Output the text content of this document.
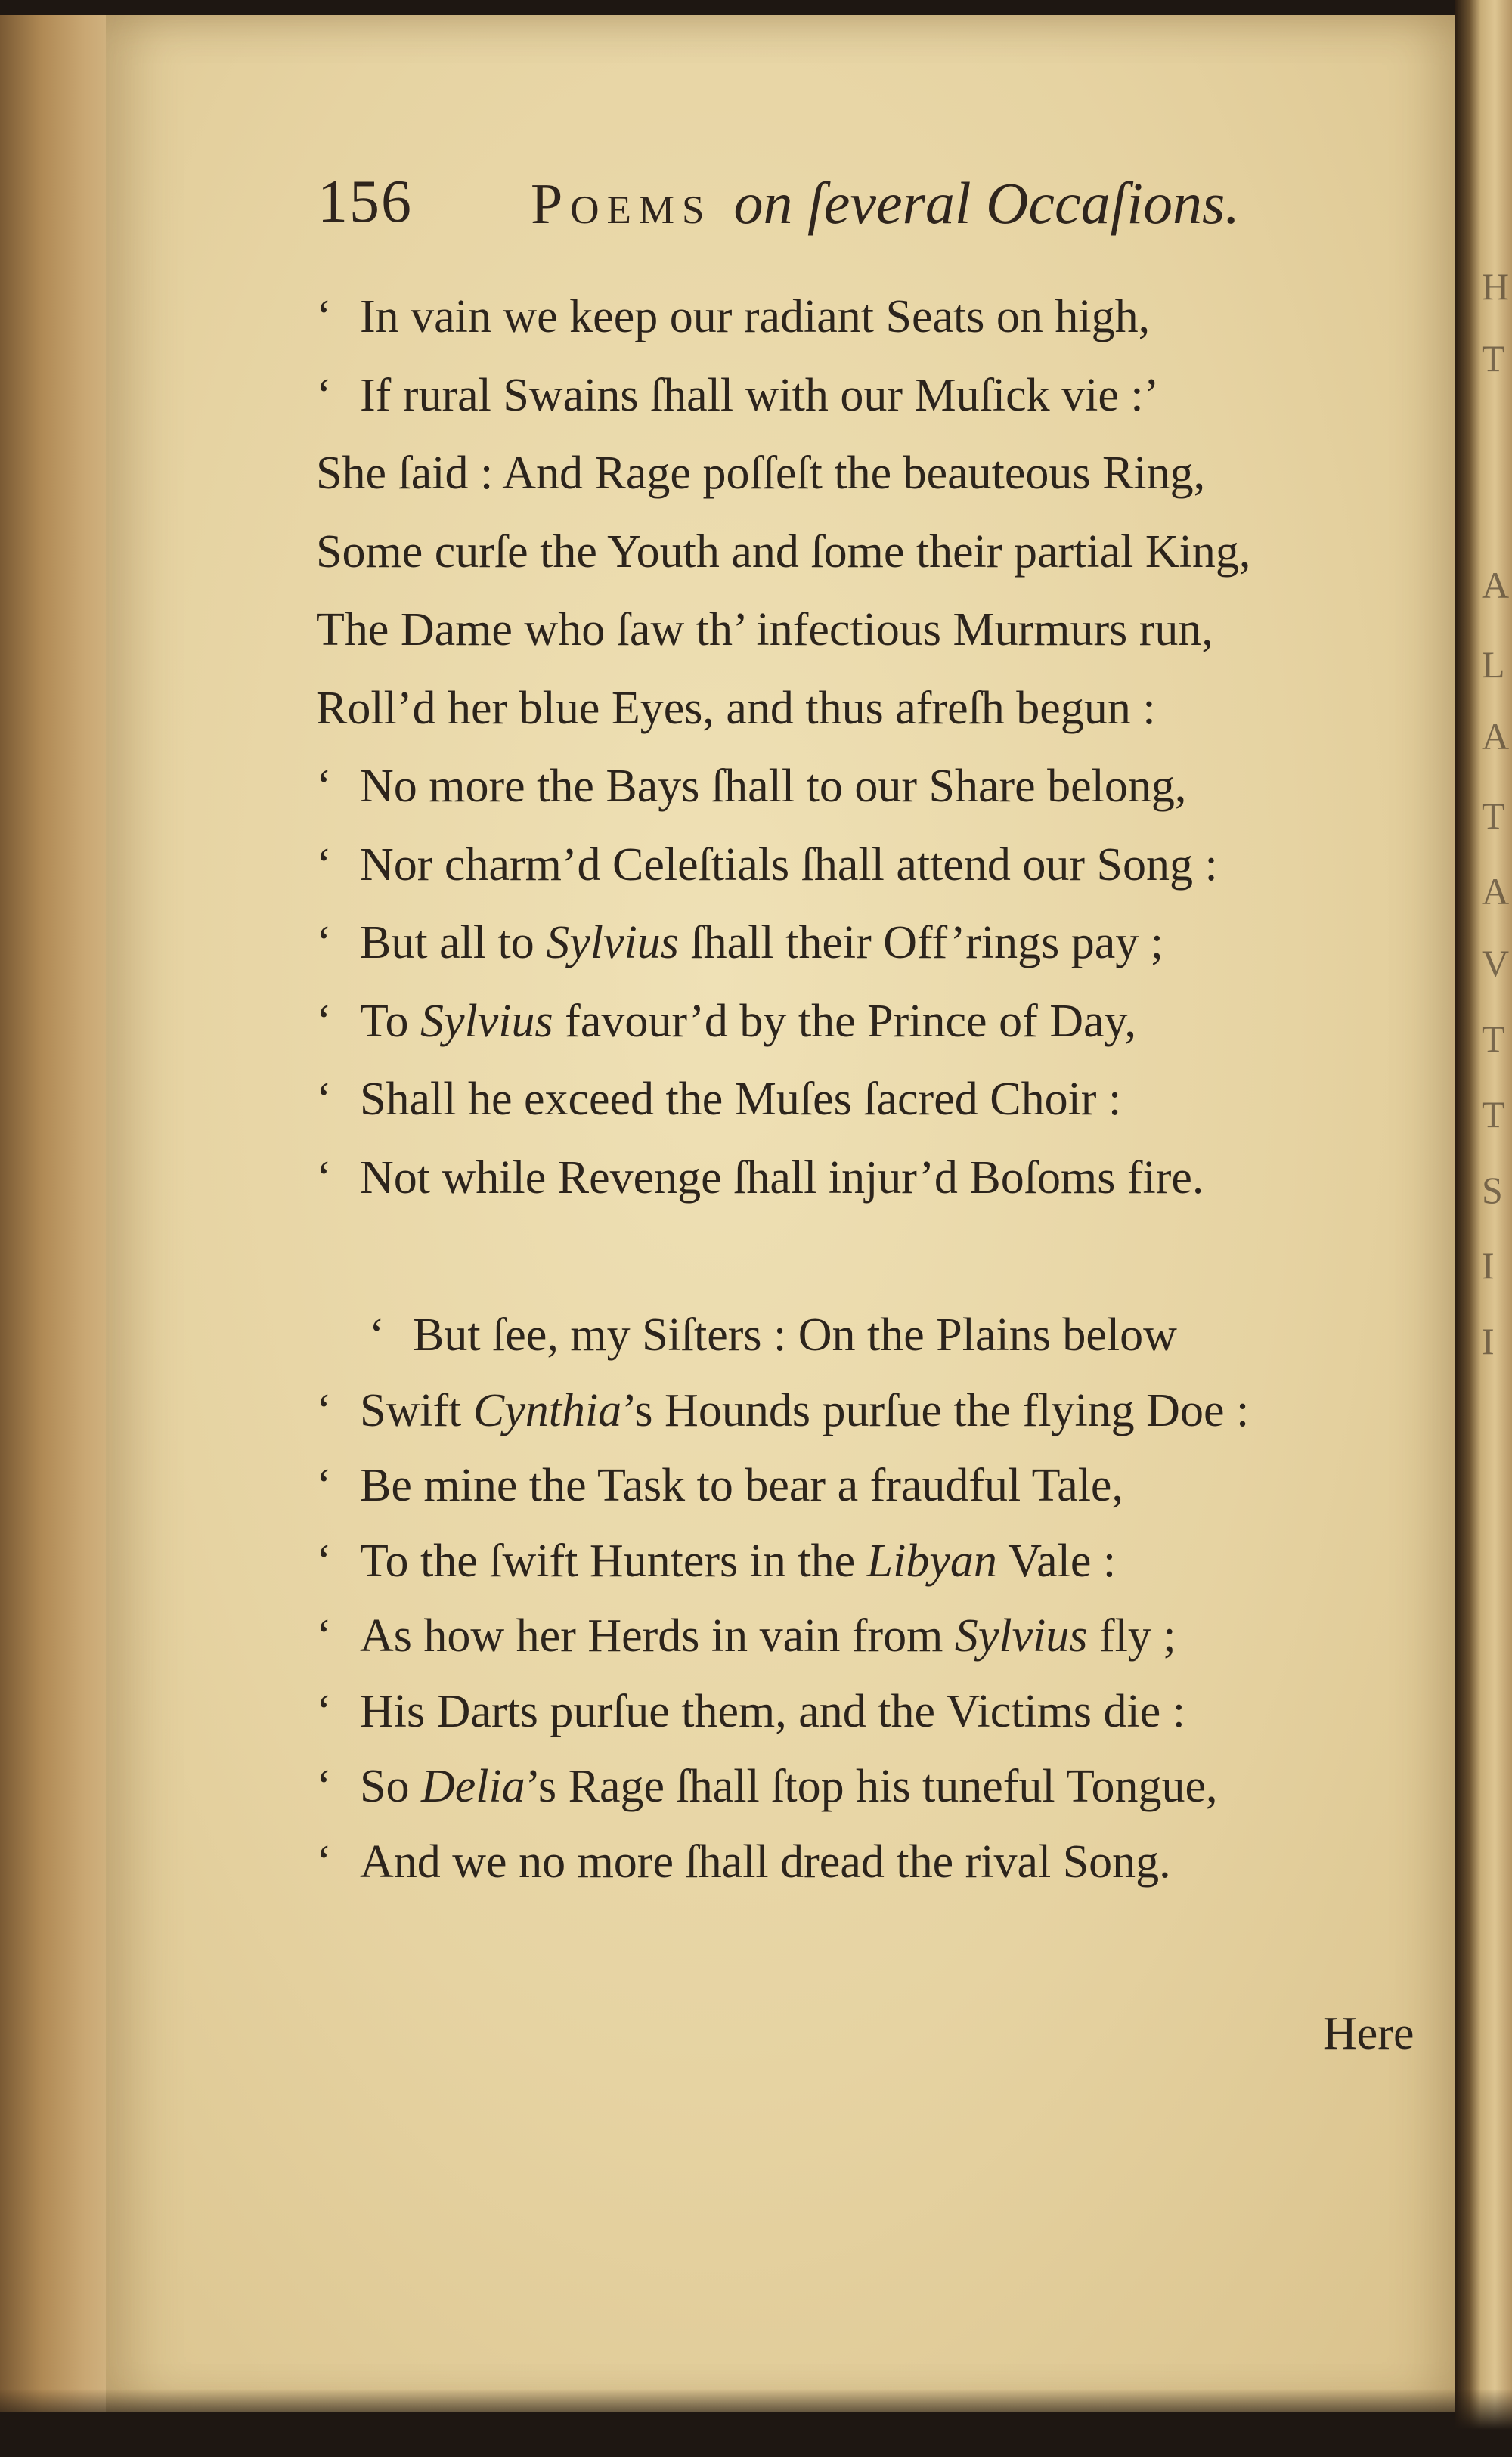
H
T
A
L
A
T
A
V
T
T
S
I
I
156 Poems on ſeveral Occaſions.
‘ In vain we keep our radiant Seats on high,
‘ If rural Swains ſhall with our Muſick vie :’
She ſaid : And Rage poſſeſt the beauteous Ring,
Some curſe the Youth and ſome their partial King,
The Dame who ſaw th’ infectious Murmurs run,
Roll’d her blue Eyes, and thus afreſh begun :
‘ No more the Bays ſhall to our Share belong,
‘ Nor charm’d Celeſtials ſhall attend our Song :
‘ But all to Sylvius ſhall their Off’rings pay ;
‘ To Sylvius favour’d by the Prince of Day,
‘ Shall he exceed the Muſes ſacred Choir :
‘ Not while Revenge ſhall injur’d Boſoms fire.
‘ But ſee, my Siſters : On the Plains below
‘ Swift Cynthia’s Hounds purſue the flying Doe :
‘ Be mine the Task to bear a fraudful Tale,
‘ To the ſwift Hunters in the Libyan Vale :
‘ As how her Herds in vain from Sylvius fly ;
‘ His Darts purſue them, and the Victims die :
‘ So Delia’s Rage ſhall ſtop his tuneful Tongue,
‘ And we no more ſhall dread the rival Song.
Here
